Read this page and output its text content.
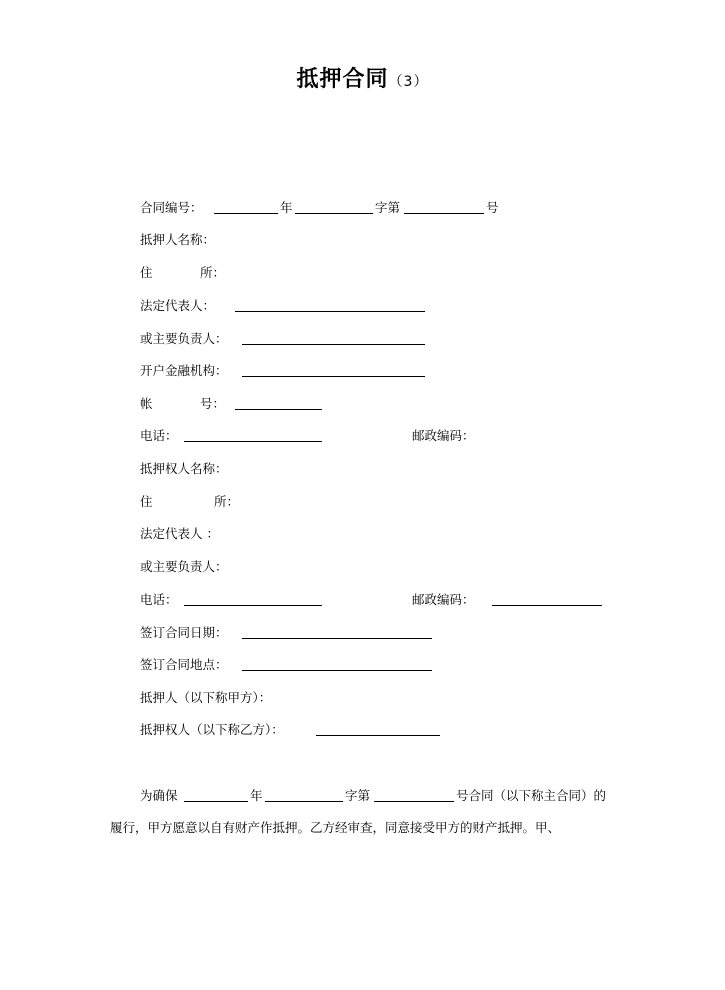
抵押合同（3）
合同编号：	年	字第	号
抵押人名称：
住	所：
法定代表人：
或主要负责人：
开户金融机构：
帐	号：
电话：	邮政编码：
抵押权人名称：
住	所：
法定代表人 ：
或主要负责人：
电话：	邮政编码：
签订合同日期：
签订合同地点：
抵押人（以下称甲方）：
抵押权人（以下称乙方）：
为确保	年	字第	号合同（以下称主合同）的
履行，甲方愿意以自有财产作抵押。乙方经审查，同意接受甲方的财产抵押。甲、
